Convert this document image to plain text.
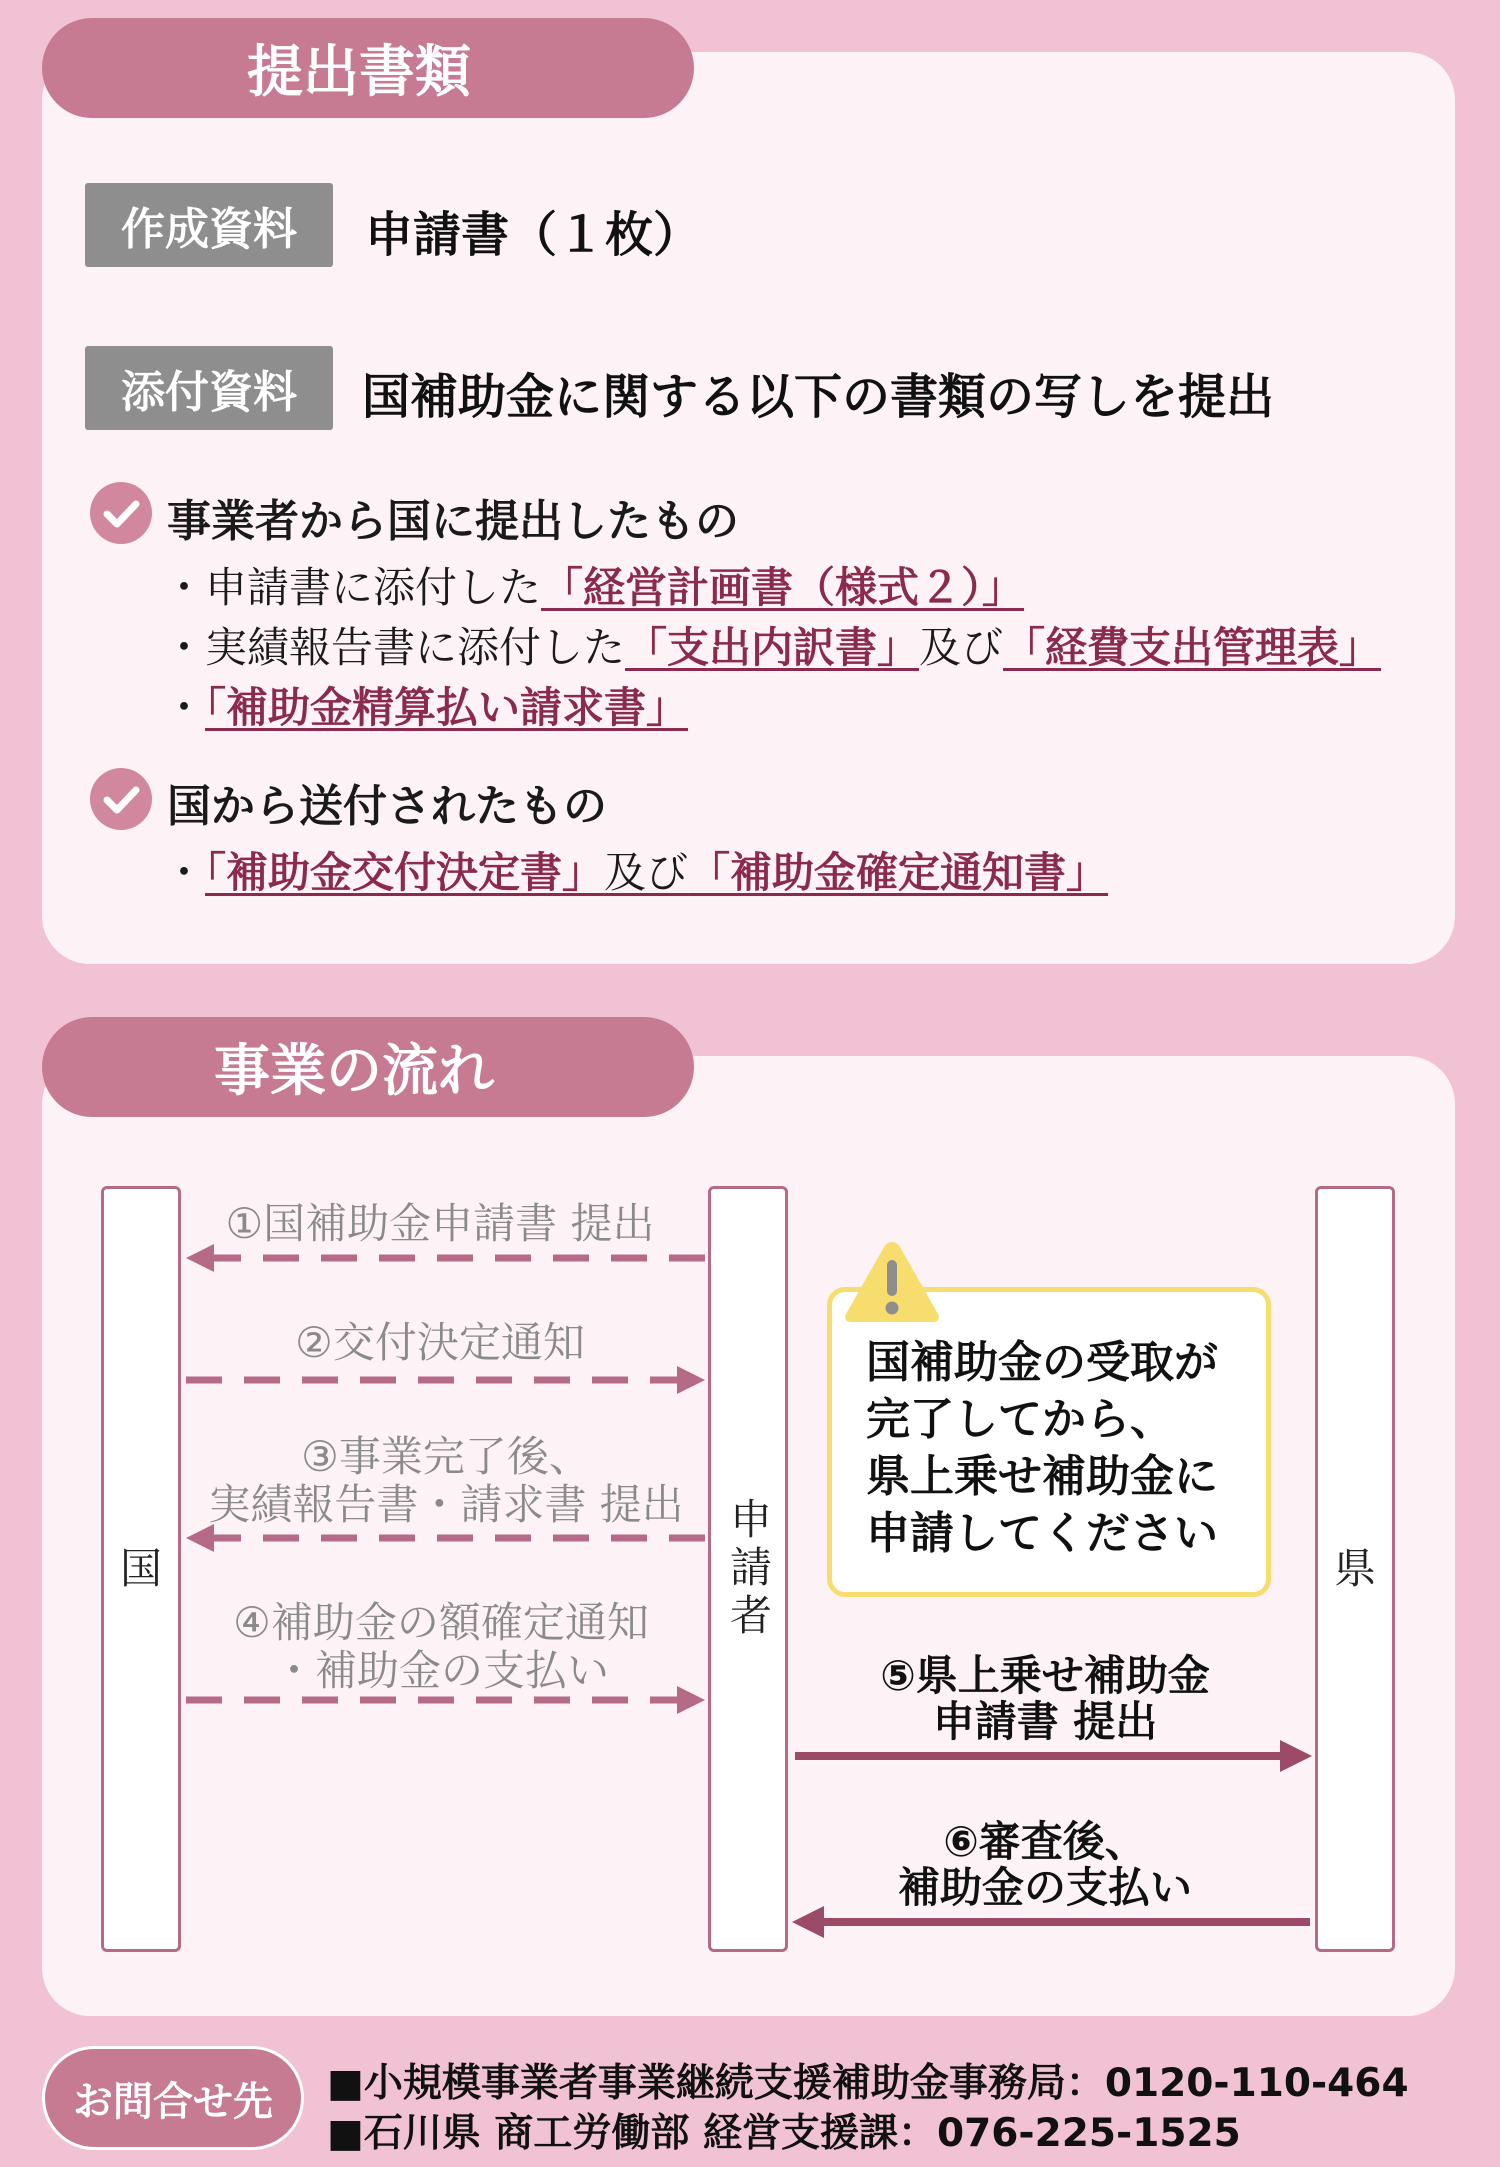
提出書類
作成資料	申請書（１枚）
添付資料	国補助金に関する以下の書類の写しを提出
事業者から国に提出したもの
・申請書に添付した「経営計画書（様式２）」
・実績報告書に添付した「支出内訳書」及び「経費支出管理表」
・「補助金精算払い請求書」
国から送付されたもの
・「補助金交付決定書」及び「補助金確定通知書」
事業の流れ
国	申請者	県
①国補助金申請書 提出
②交付決定通知
③事業完了後、
実績報告書・請求書 提出
④補助金の額確定通知
・補助金の支払い	⑤県上乗せ補助金
申請書 提出
⑥審査後、
補助金の支払い
国補助金の受取が
完了してから、
県上乗せ補助金に
申請してください
お問合せ先	■小規模事業者事業継続支援補助金事務局：0120-110-464
■石川県 商工労働部 経営支援課：076-225-1525
